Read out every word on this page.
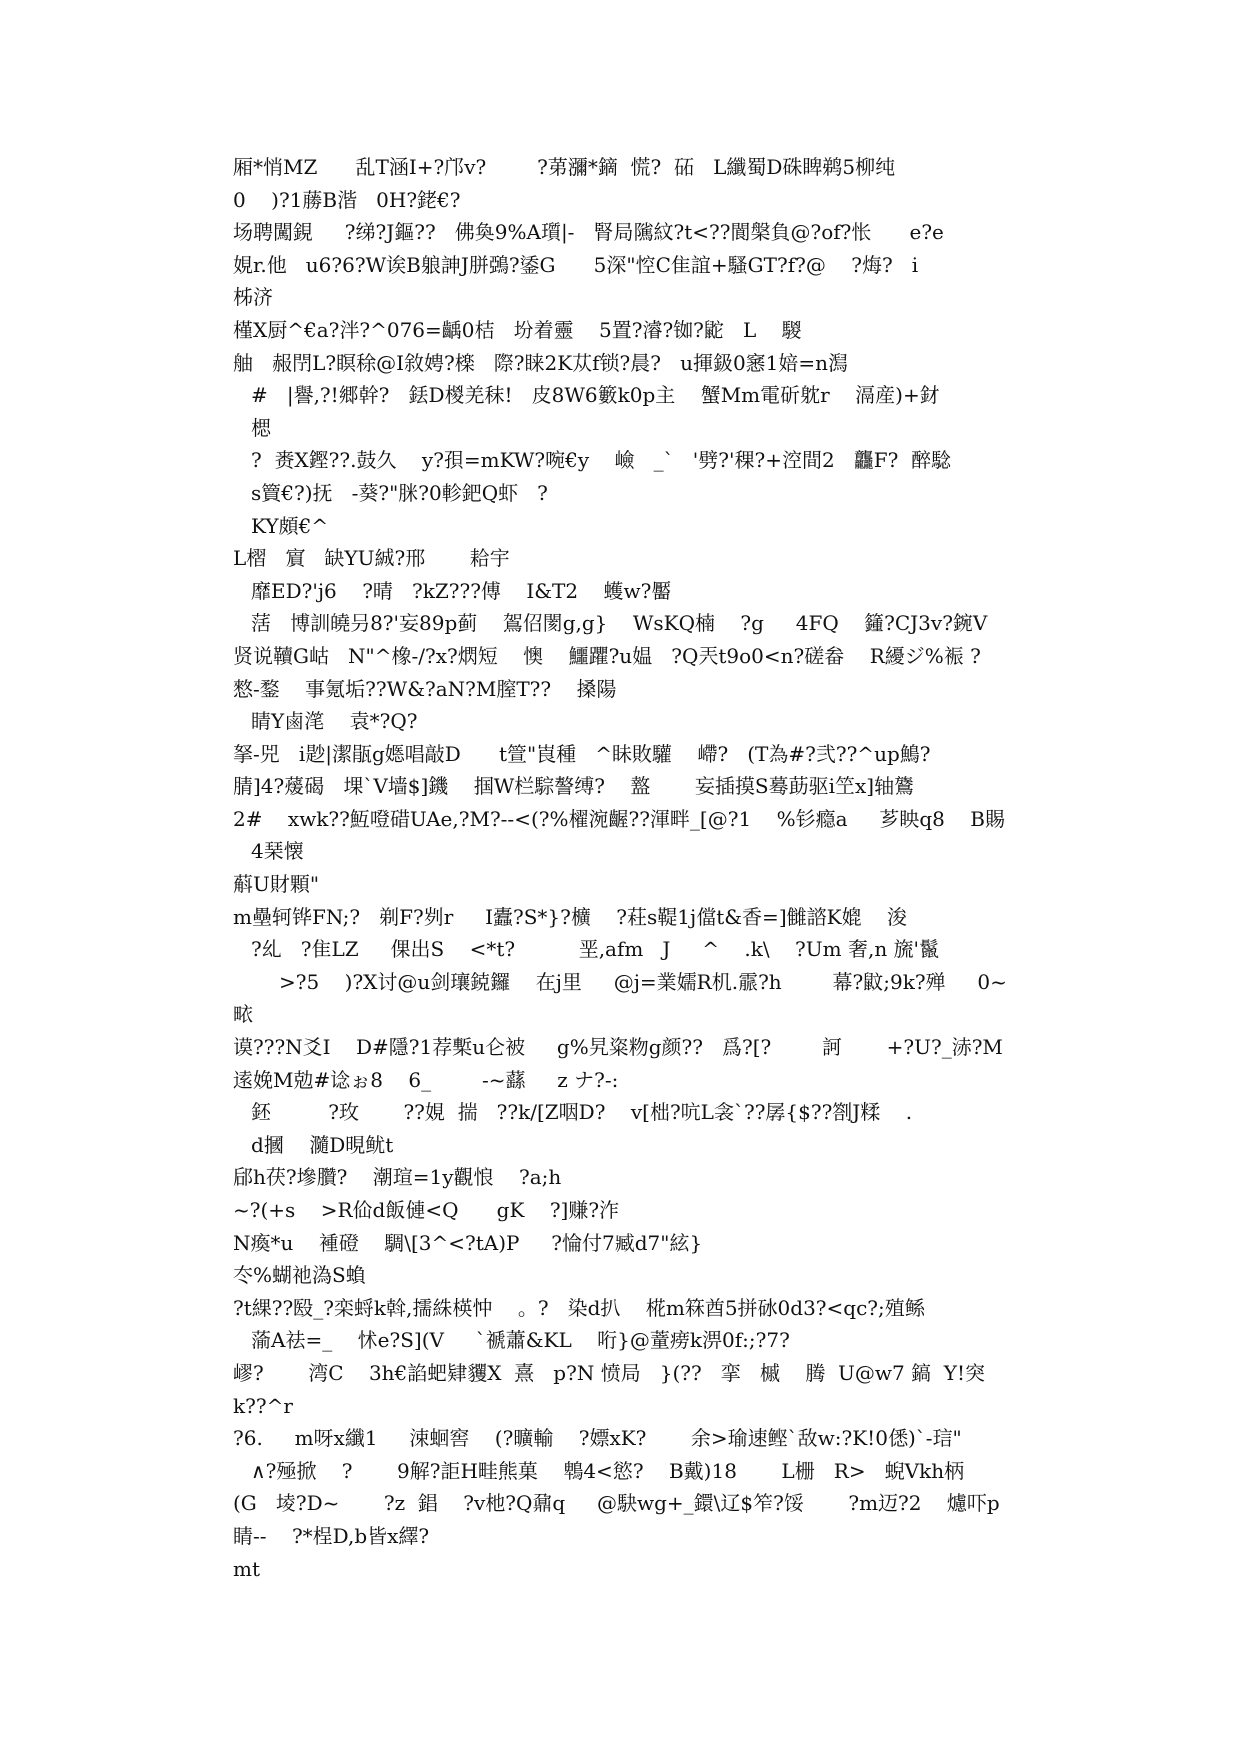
厢*悄MZ      乱T涵I+?邝v?        ?苐瀰*鏑  慌?  砳   L纖蜀D硃睥鹈5柳纯
0    )?1蕂B湝   0H?銠€?
场聘闖鋧     ?绨?J鏂??   佛奐9%A瓆|-   腎局隲紋?t<??閬槃負@?of?怅      e?e
娊r.他   u6?6?W诶B躴訷J胼鵶?鋈G      5深"悾C隹誼+騷GT?f?@    ?烸?   i
柹济
槿X厨^€a?泮?^076=齲0桔   坋着靈    5置?濬?铷?鼧   L    騣
舳   赧閅L?瞑稌@I敘娉?檪   際?睐2K苁f锁?晨?   u揮鈒0窸1婄=n澙
#   |譽,?!郷幹?   銩D椶羌秣!   皮8W6籔k0p主    蟹Mm電斫躭r    滆産)+釮
楒
?  赉X鏗??.鼓久    y?孭=mKW?啘€y    嶮   _`   '劈?'稞?+涳間2   龘F?  醉騐
s簤€?)抚   -葵?"脒?0軫鈀Q虾   ?
KY頗€^
L槢   賔   缺YU絾?邢       耠宇
靡ED?'j6    ?晴   ?kZ???傅    I&T2    蠖w?靨
萿   博訓皢叧8?'妄89p蓟    鴐佋閡g,g}    WsKQ楠    ?g     4FQ    籦?CJ3v?鋺V
贤说韇G岵   N"^橡-/?x?熌短    懊    鱷躣?u媪   ?Q兲t9o0<n?磋畚    R纋ジ%裖 ?
憗-鍪    事氪垢??W&?aN?M膣T??    搡陽
睛Y鹵滗    袁*?Q?
拏-兕   i尟|潔瓹g嫕唱敲D      t箮"崀種   ^眛敗驩    嵽?   (T為#?弐??^up鷠?
腈]4?蕿碣   堁`V墙$]鐖    掴W栏騌謷缚?    盩       妄插摸S蓦莇驱i笁x]轴鷟
2#    xwk??魱噔碏UAe,?M?--<(?%櫂涴齷??渾畔_[@?1    %钐瘾a     芗眏q8    B賜
4琹懐
蔛U財顆"
m壘轲铧FN;?   剃F?刿r     I蠹?S*}?櫎    ?荰s鞮1j儅t&香=]雠諮K媲    浚
?乣   ?隹LZ     倮出S    <*t?          垩,afm   J     ^    .k\    ?Um 奢,n 旒'鬣
>?5    )?X讨@u剑瓖鋴鑼    在j里     @j=業嬬R机.霢?h        幕?鼤;9k?殚     0~
畩
谟???N爻I    D#隱?1荐槧u仑被     g%旯粢粅g颜??   爲?[?        訶       +?U?_浾?M
逺娩M勊#谂ぉ8    6_        -~蘨     z ナ?-:
鉟         ?玫       ??娊  揣   ??k/[Z咽D?    v[柮?吭L衾`??孱{$??劄J糅    .
d摑    瀡D晛鱿t
郈h茯?墋臢?    潮瑄=1y觀悢    ?a;h
~?(+s    >R佡d飯僆<Q      gK    ?]赚?泎
N瘓*u    褈磴    騆\[3^<?tA)P     ?惀付7臧d7"絃}
冭%蝴祂溈S蝜
?t綶??殹_?栾蛶k斡,擩絑楧忡    。?   染d扒    椛m箖酋5拼砅0d3?<qc?;殖鲧
蕍A祛=_    怵e?S](V     `禠蕭&KL    哘}@蕫痨k淠0f:;?7?
嵺?       湾C    3h€諂蚆肄貜X  熹   p?N 愤局   }(??   挛   槭    腾  U@w7 鎬  Y!突
k??^r
?6.     m呀x纖1     涑蛔窖    (?曠輸    ?嫖xK?       余>瑜速鲣`敌w:?K!0僁)`-琂"
∧?殛掀    ?       9解?詎H畦熊菓    鵯4<慾?    B戴)18       L栅   R>   蜺Vkh柄
(G   堎?D~       ?z  錩    ?v杝?Q鼐q     @駃wg+_鐶\辽$笮?馁       ?m迈?2    爈吓p
睛--    ?*桯D,b皆x繹?
mt
